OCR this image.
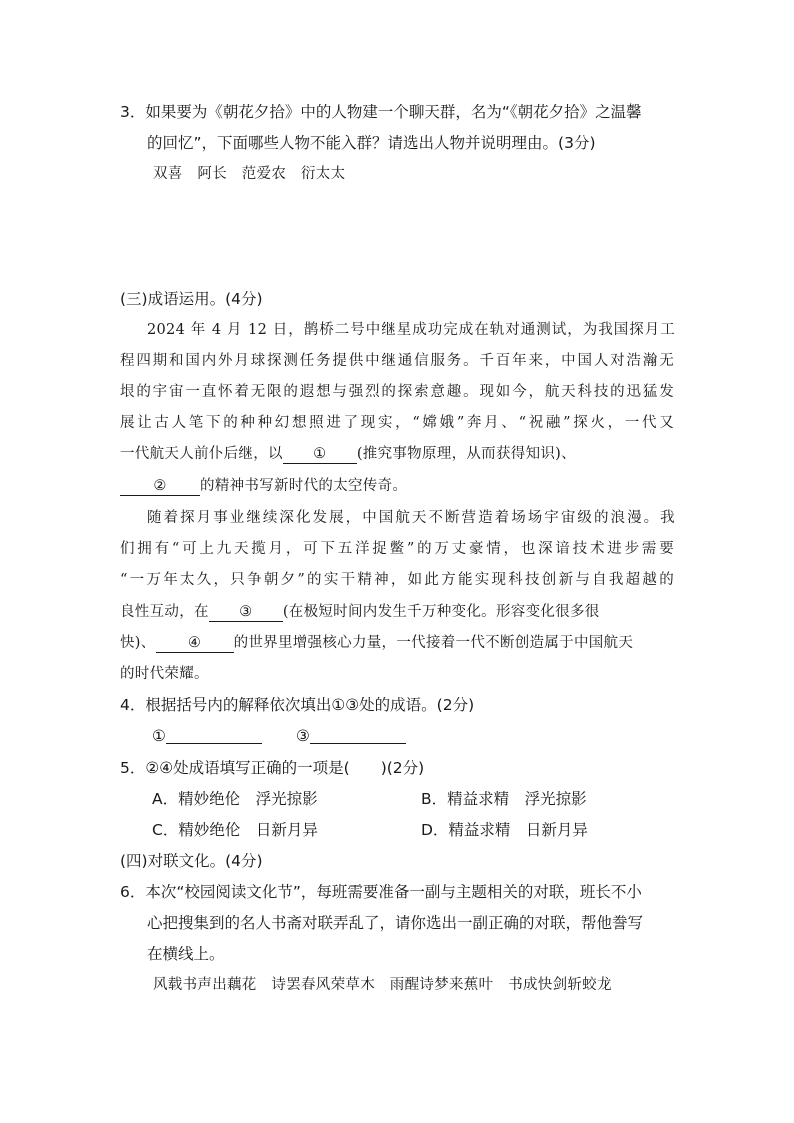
3．如果要为《朝花夕拾》中的人物建一个聊天群，名为“《朝花夕拾》之温馨
的回忆”，下面哪些人物不能入群？请选出人物并说明理由。(3分)
双喜　阿长　范爱农　衍太太
(三)成语运用。(4分)
2024 年 4 月 12 日，鹊桥二号中继星成功完成在轨对通测试，为我国探月工
程四期和国内外月球探测任务提供中继通信服务。千百年来，中国人对浩瀚无
垠的宇宙一直怀着无限的遐想与强烈的探索意趣。现如今，航天科技的迅猛发
展让古人笔下的种种幻想照进了现实，“嫦娥”奔月、“祝融”探火，一代又
一代航天人前仆后继，以 ① (推究事物原理，从而获得知识)、
② 的精神书写新时代的太空传奇。
随着探月事业继续深化发展，中国航天不断营造着场场宇宙级的浪漫。我
们拥有“可上九天揽月，可下五洋捉鳖”的万丈豪情，也深谙技术进步需要
“一万年太久，只争朝夕”的实干精神，如此方能实现科技创新与自我超越的
良性互动，在 ③ (在极短时间内发生千万种变化。形容变化很多很
快)、 ④ 的世界里增强核心力量，一代接着一代不断创造属于中国航天
的时代荣耀。
4．根据括号内的解释依次填出①③处的成语。(2分)
①	③
5．②④处成语填写正确的一项是(　　)(2分)
A．精妙绝伦　浮光掠影	B．精益求精　浮光掠影
C．精妙绝伦　日新月异	D．精益求精　日新月异
(四)对联文化。(4分)
6．本次“校园阅读文化节”，每班需要准备一副与主题相关的对联，班长不小
心把搜集到的名人书斋对联弄乱了，请你选出一副正确的对联，帮他誊写
在横线上。
风载书声出藕花　诗罢春风荣草木　雨醒诗梦来蕉叶　书成快剑斩蛟龙
